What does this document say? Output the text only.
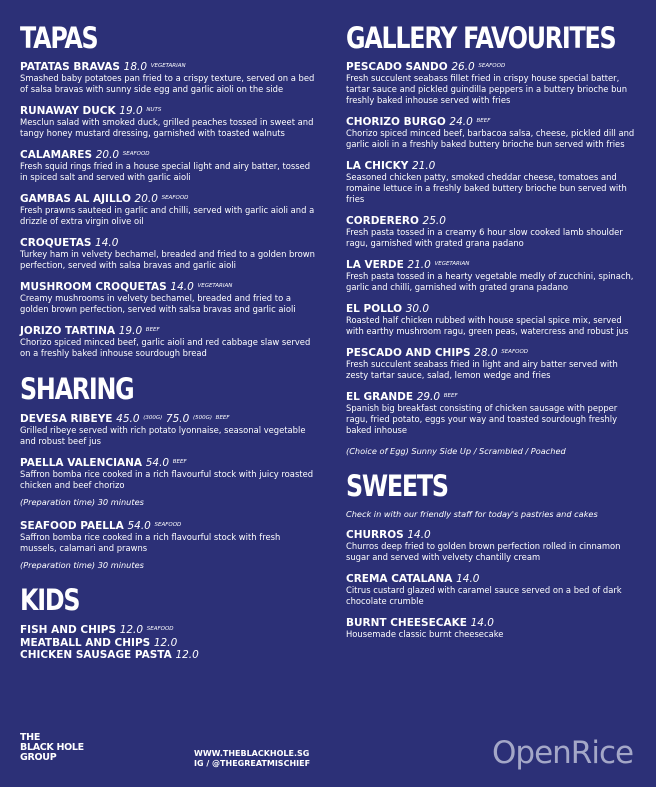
TAPAS
PATATAS BRAVAS 18.0 $^{VEGETARIAN}$
Smashed baby potatoes pan fried to a crispy texture, served on a bed of salsa bravas with sunny side egg and garlic aioli on the side
RUNAWAY DUCK 19.0 $^{NUTS}$
Mesclun salad with smoked duck, grilled peaches tossed in sweet and tangy honey mustard dressing, garnished with toasted walnuts
CALAMARES 20.0 $^{SEAFOOD}$
Fresh squid rings fried in a house special light and airy batter, tossed in spiced salt and served with garlic aioli
GAMBAS AL AJILLO 20.0 $^{SEAFOOD}$
Fresh prawns sauteed in garlic and chilli, served with garlic aioli and a drizzle of extra virgin olive oil
CROQUETAS 14.0
Turkey ham in velvety bechamel, breaded and fried to a golden brown perfection, served with salsa bravas and garlic aioli
MUSHROOM CROQUETAS 14.0 $^{VEGETARIAN}$
Creamy mushrooms in velvety bechamel, breaded and fried to a golden brown perfection, served with salsa bravas and garlic aioli
JORIZO TARTINA 19.0 $^{BEEF}$
Chorizo spiced minced beef, garlic aioli and red cabbage slaw served on a freshly baked inhouse sourdough bread
SHARING
DEVESA RIBEYE 45.0 $^{(300G)}$ 75.0 $^{(500G)}$ $^{BEEF}$
Grilled ribeye served with rich potato lyonnaise, seasonal vegetable and robust beef jus
PAELLA VALENCIANA 54.0 $^{BEEF}$
Saffron bomba rice cooked in a rich flavourful stock with juicy roasted chicken and beef chorizo
(Preparation time) 30 minutes
SEAFOOD PAELLA 54.0 $^{SEAFOOD}$
Saffron bomba rice cooked in a rich flavourful stock with fresh mussels, calamari and prawns
(Preparation time) 30 minutes
KIDS
FISH AND CHIPS 12.0 $^{SEAFOOD}$
MEATBALL AND CHIPS 12.0
CHICKEN SAUSAGE PASTA 12.0
GALLERY FAVOURITES
PESCADO SANDO 26.0 $^{SEAFOOD}$
Fresh succulent seabass fillet fried in crispy house special batter, tartar sauce and pickled guindilla peppers in a buttery brioche bun freshly baked inhouse served with fries
CHORIZO BURGO 24.0 $^{BEEF}$
Chorizo spiced minced beef, barbacoa salsa, cheese, pickled dill and garlic aioli in a freshly baked buttery brioche bun served with fries
LA CHICKY 21.0
Seasoned chicken patty, smoked cheddar cheese, tomatoes and romaine lettuce in a freshly baked buttery brioche bun served with fries
CORDERERO 25.0
Fresh pasta tossed in a creamy 6 hour slow cooked lamb shoulder ragu, garnished with grated grana padano
LA VERDE 21.0 $^{VEGETARIAN}$
Fresh pasta tossed in a hearty vegetable medly of zucchini, spinach, garlic and chilli, garnished with grated grana padano
EL POLLO 30.0
Roasted half chicken rubbed with house special spice mix, served with earthy mushroom ragu, green peas, watercress and robust jus
PESCADO AND CHIPS 28.0 $^{SEAFOOD}$
Fresh succulent seabass fried in light and airy batter served with zesty tartar sauce, salad, lemon wedge and fries
EL GRANDE 29.0 $^{BEEF}$
Spanish big breakfast consisting of chicken sausage with pepper ragu, fried potato, eggs your way and toasted sourdough freshly baked inhouse
(Choice of Egg) Sunny Side Up / Scrambled / Poached
SWEETS
Check in with our friendly staff for today's pastries and cakes
CHURROS 14.0
Churros deep fried to golden brown perfection rolled in cinnamon sugar and served with velvety chantilly cream
CREMA CATALANA 14.0
Citrus custard glazed with caramel sauce served on a bed of dark chocolate crumble
BURNT CHEESECAKE 14.0
Housemade classic burnt cheesecake
THE
BLACK HOLE
GROUP	WWW.THEBLACKHOLE.SG
IG / @THEGREATMISCHIEF	OpenRice
